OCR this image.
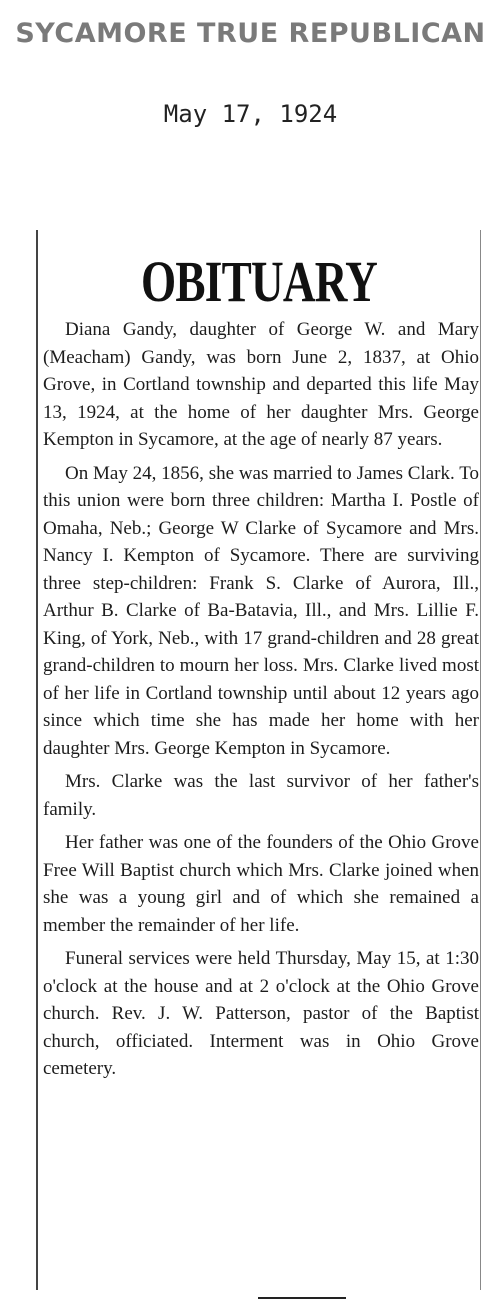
SYCAMORE TRUE REPUBLICAN
May 17, 1924
OBITUARY

Diana Gandy, daughter of George W. and Mary (Meacham) Gandy, was born June 2, 1837, at Ohio Grove, in Cortland township and departed this life May 13, 1924, at the home of her daughter Mrs. George Kempton in Sycamore, at the age of nearly 87 years.

On May 24, 1856, she was married to James Clark. To this union were born three children: Martha I. Postle of Omaha, Neb.; George W Clarke of Sycamore and Mrs. Nancy I. Kempton of Sycamore. There are surviving three step-children: Frank S. Clarke of Aurora, Ill., Arthur B. Clarke of Ba-Batavia, Ill., and Mrs. Lillie F. King, of York, Neb., with 17 grand-children and 28 great grand-children to mourn her loss. Mrs. Clarke lived most of her life in Cortland township until about 12 years ago since which time she has made her home with her daughter Mrs. George Kempton in Sycamore.

Mrs. Clarke was the last survivor of her father's family.

Her father was one of the founders of the Ohio Grove Free Will Baptist church which Mrs. Clarke joined when she was a young girl and of which she remained a member the remainder of her life.

Funeral services were held Thursday, May 15, at 1:30 o'clock at the house and at 2 o'clock at the Ohio Grove church. Rev. J. W. Patterson, pastor of the Baptist church, officiated. Interment was in Ohio Grove cemetery.
